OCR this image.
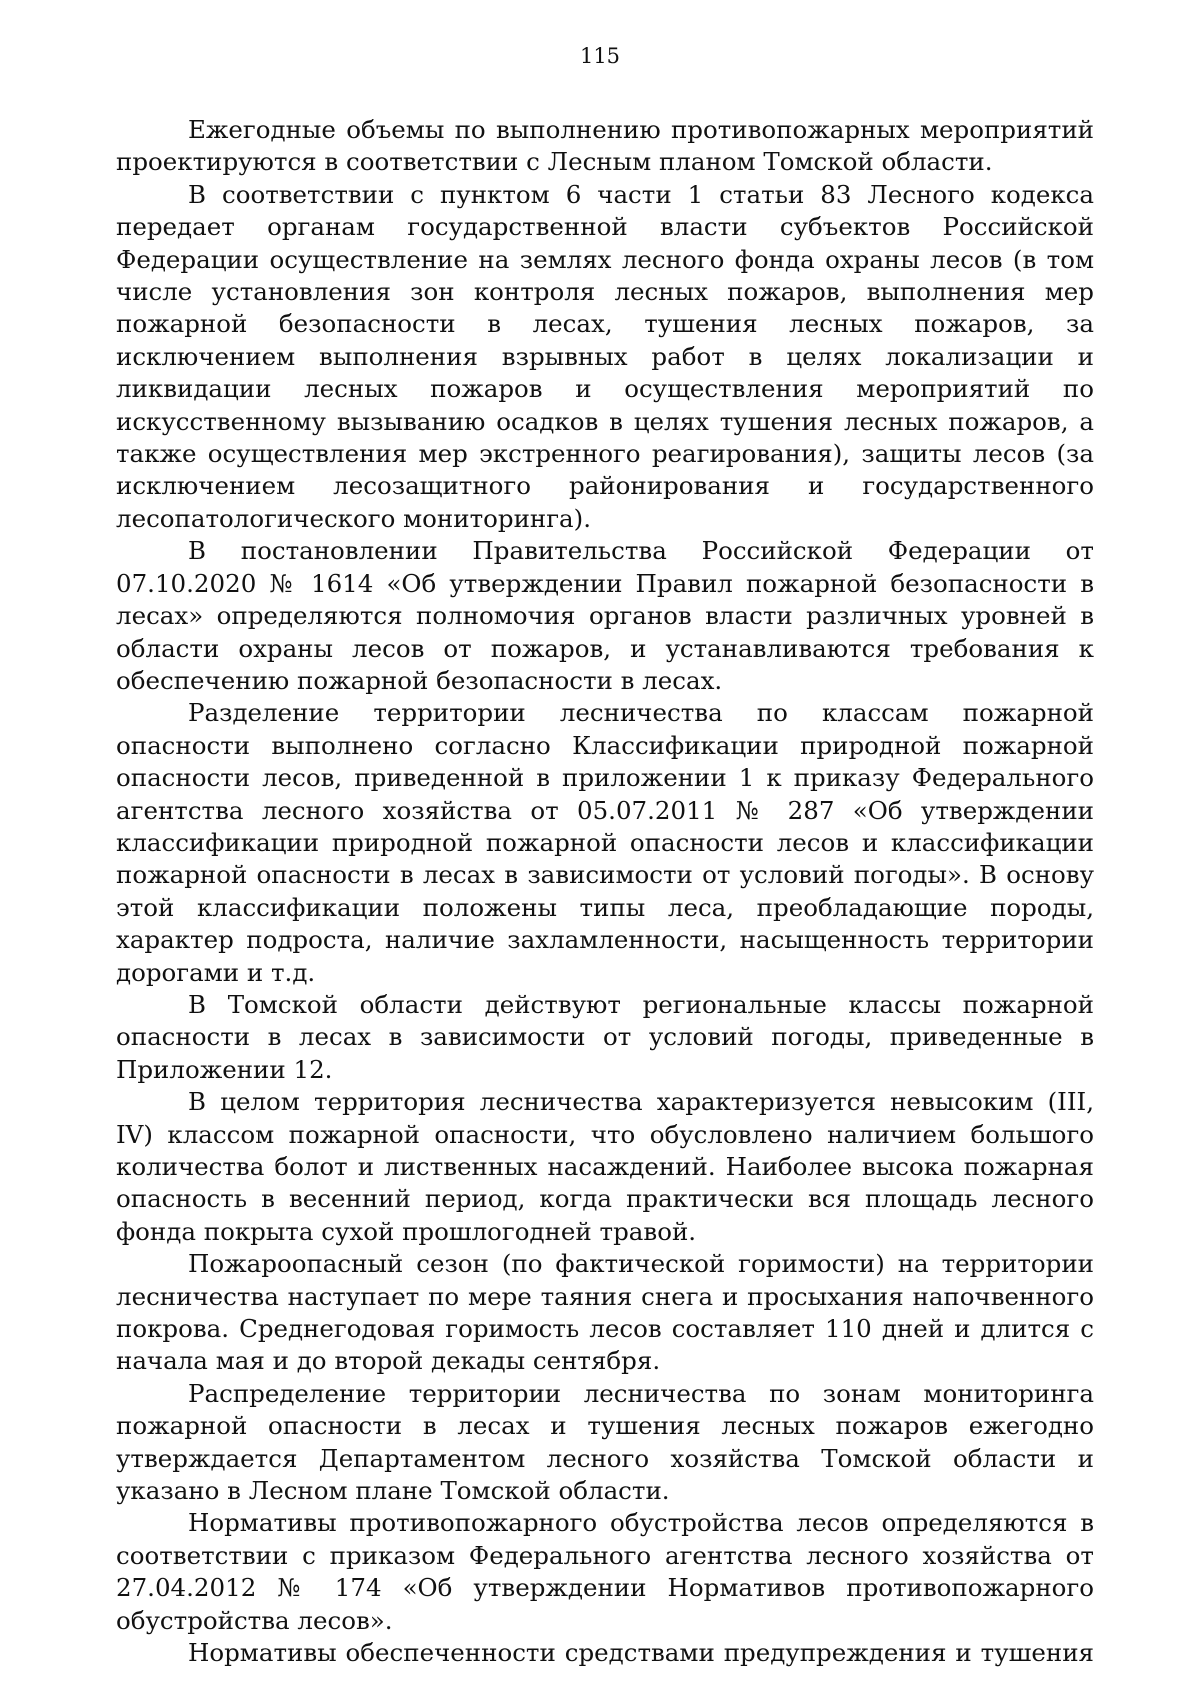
115

Ежегодные объемы по выполнению противопожарных мероприятий проектируются в соответствии с Лесным планом Томской области.

В соответствии с пунктом 6 части 1 статьи 83 Лесного кодекса передает органам государственной власти субъектов Российской Федерации осуществление на землях лесного фонда охраны лесов (в том числе установления зон контроля лесных пожаров, выполнения мер пожарной безопасности в лесах, тушения лесных пожаров, за исключением выполнения взрывных работ в целях локализации и ликвидации лесных пожаров и осуществления мероприятий по искусственному вызыванию осадков в целях тушения лесных пожаров, а также осуществления мер экстренного реагирования), защиты лесов (за исключением лесозащитного районирования и государственного лесопатологического мониторинга).

В постановлении Правительства Российской Федерации от 07.10.2020 № 1614 «Об утверждении Правил пожарной безопасности в лесах» определяются полномочия органов власти различных уровней в области охраны лесов от пожаров, и устанавливаются требования к обеспечению пожарной безопасности в лесах.

Разделение территории лесничества по классам пожарной опасности выполнено согласно Классификации природной пожарной опасности лесов, приведенной в приложении 1 к приказу Федерального агентства лесного хозяйства от 05.07.2011 № 287 «Об утверждении классификации природной пожарной опасности лесов и классификации пожарной опасности в лесах в зависимости от условий погоды». В основу этой классификации положены типы леса, преобладающие породы, характер подроста, наличие захламленности, насыщенность территории дорогами и т.д.

В Томской области действуют региональные классы пожарной опасности в лесах в зависимости от условий погоды, приведенные в Приложении 12.

В целом территория лесничества характеризуется невысоким (III, IV) классом пожарной опасности, что обусловлено наличием большого количества болот и лиственных насаждений. Наиболее высока пожарная опасность в весенний период, когда практически вся площадь лесного фонда покрыта сухой прошлогодней травой.

Пожароопасный сезон (по фактической горимости) на территории лесничества наступает по мере таяния снега и просыхания напочвенного покрова. Среднегодовая горимость лесов составляет 110 дней и длится с начала мая и до второй декады сентября.

Распределение территории лесничества по зонам мониторинга пожарной опасности в лесах и тушения лесных пожаров ежегодно утверждается Департаментом лесного хозяйства Томской области и указано в Лесном плане Томской области.

Нормативы противопожарного обустройства лесов определяются в соответствии с приказом Федерального агентства лесного хозяйства от 27.04.2012 № 174 «Об утверждении Нормативов противопожарного обустройства лесов».

Нормативы обеспеченности средствами предупреждения и тушения
